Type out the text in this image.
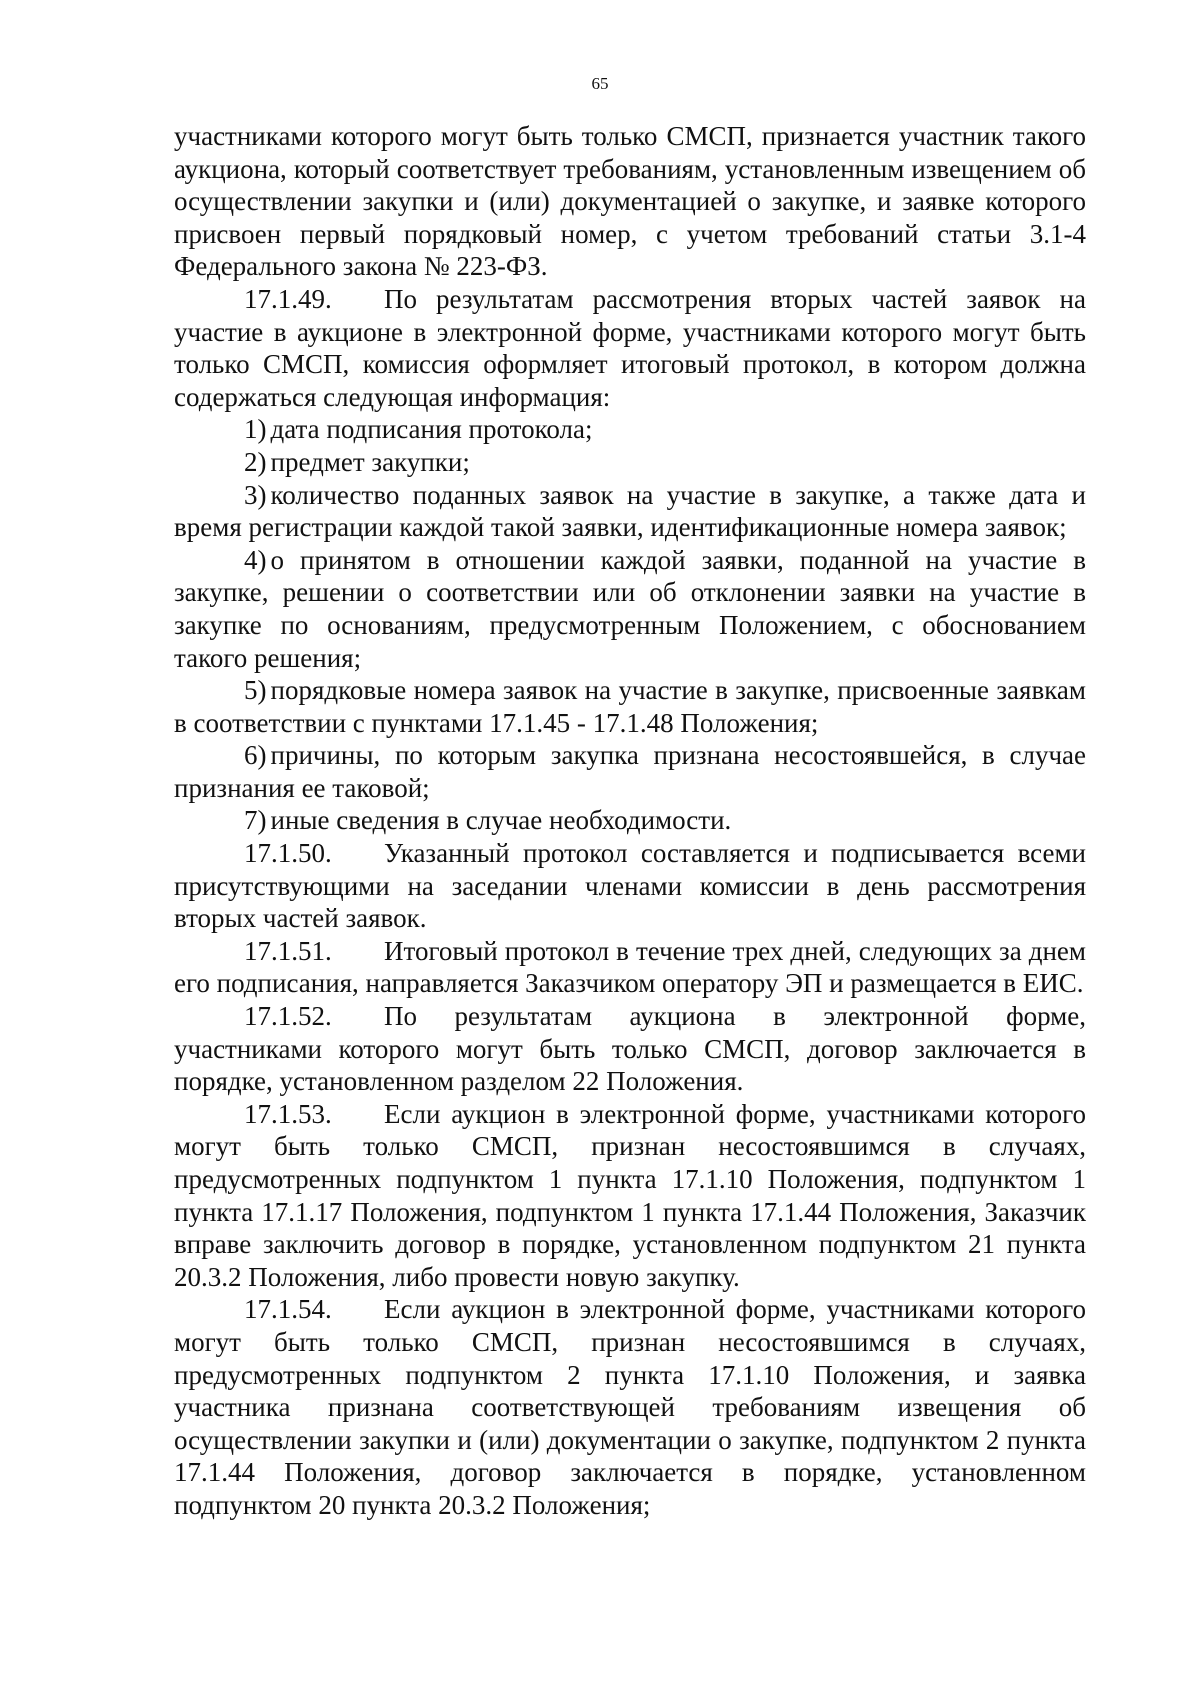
65

участниками которого могут быть только СМСП, признается участник такого аукциона, который соответствует требованиям, установленным извещением об осуществлении закупки и (или) документацией о закупке, и заявке которого присвоен первый порядковый номер, с учетом требований статьи 3.1-4 Федерального закона № 223-ФЗ.

17.1.49. По результатам рассмотрения вторых частей заявок на участие в аукционе в электронной форме, участниками которого могут быть только СМСП, комиссия оформляет итоговый протокол, в котором должна содержаться следующая информация:

1) дата подписания протокола;

2) предмет закупки;

3) количество поданных заявок на участие в закупке, а также дата и время регистрации каждой такой заявки, идентификационные номера заявок;

4) о принятом в отношении каждой заявки, поданной на участие в закупке, решении о соответствии или об отклонении заявки на участие в закупке по основаниям, предусмотренным Положением, с обоснованием такого решения;

5) порядковые номера заявок на участие в закупке, присвоенные заявкам в соответствии с пунктами 17.1.45 - 17.1.48 Положения;

6) причины, по которым закупка признана несостоявшейся, в случае признания ее таковой;

7) иные сведения в случае необходимости.

17.1.50. Указанный протокол составляется и подписывается всеми присутствующими на заседании членами комиссии в день рассмотрения вторых частей заявок.

17.1.51. Итоговый протокол в течение трех дней, следующих за днем его подписания, направляется Заказчиком оператору ЭП и размещается в ЕИС.

17.1.52. По результатам аукциона в электронной форме, участниками которого могут быть только СМСП, договор заключается в порядке, установленном разделом 22 Положения.

17.1.53. Если аукцион в электронной форме, участниками которого могут быть только СМСП, признан несостоявшимся в случаях, предусмотренных подпунктом 1 пункта 17.1.10 Положения, подпунктом 1 пункта 17.1.17 Положения, подпунктом 1 пункта 17.1.44 Положения, Заказчик вправе заключить договор в порядке, установленном подпунктом 21 пункта 20.3.2 Положения, либо провести новую закупку.

17.1.54. Если аукцион в электронной форме, участниками которого могут быть только СМСП, признан несостоявшимся в случаях, предусмотренных подпунктом 2 пункта 17.1.10 Положения, и заявка участника признана соответствующей требованиям извещения об осуществлении закупки и (или) документации о закупке, подпунктом 2 пункта 17.1.44 Положения, договор заключается в порядке, установленном подпунктом 20 пункта 20.3.2 Положения;
